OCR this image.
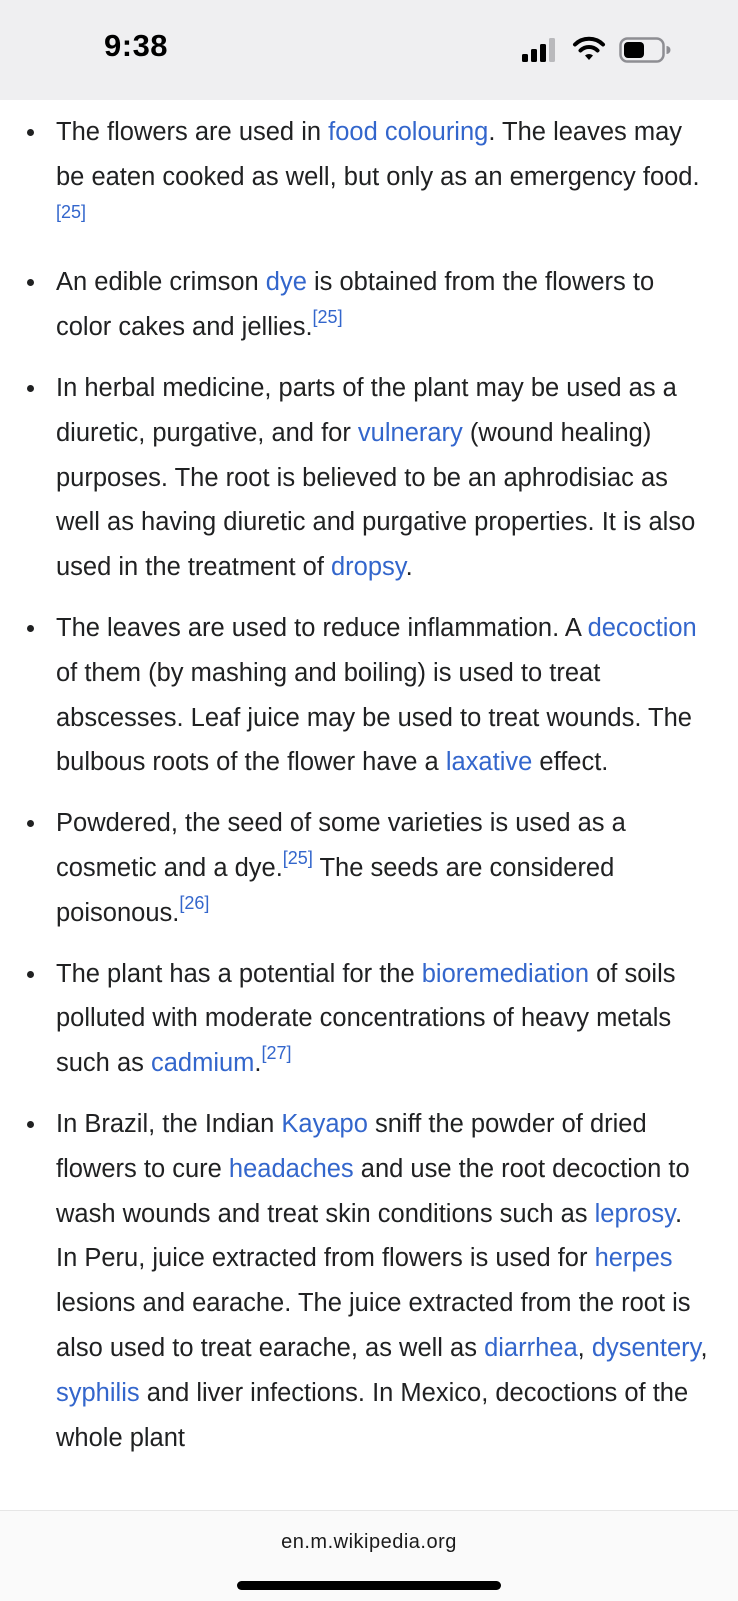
9:38
The flowers are used in food colouring. The leaves may be eaten cooked as well, but only as an emergency food.[25]
An edible crimson dye is obtained from the flowers to color cakes and jellies.[25]
In herbal medicine, parts of the plant may be used as a diuretic, purgative, and for vulnerary (wound healing) purposes. The root is believed to be an aphrodisiac as well as having diuretic and purgative properties. It is also used in the treatment of dropsy.
The leaves are used to reduce inflammation. A decoction of them (by mashing and boiling) is used to treat abscesses. Leaf juice may be used to treat wounds. The bulbous roots of the flower have a laxative effect.
Powdered, the seed of some varieties is used as a cosmetic and a dye.[25] The seeds are considered poisonous.[26]
The plant has a potential for the bioremediation of soils polluted with moderate concentrations of heavy metals such as cadmium.[27]
In Brazil, the Indian Kayapo sniff the powder of dried flowers to cure headaches and use the root decoction to wash wounds and treat skin conditions such as leprosy. In Peru, juice extracted from flowers is used for herpes lesions and earache. The juice extracted from the root is also used to treat earache, as well as diarrhea, dysentery, syphilis and liver infections. In Mexico, decoctions of the whole plant
en.m.wikipedia.org
